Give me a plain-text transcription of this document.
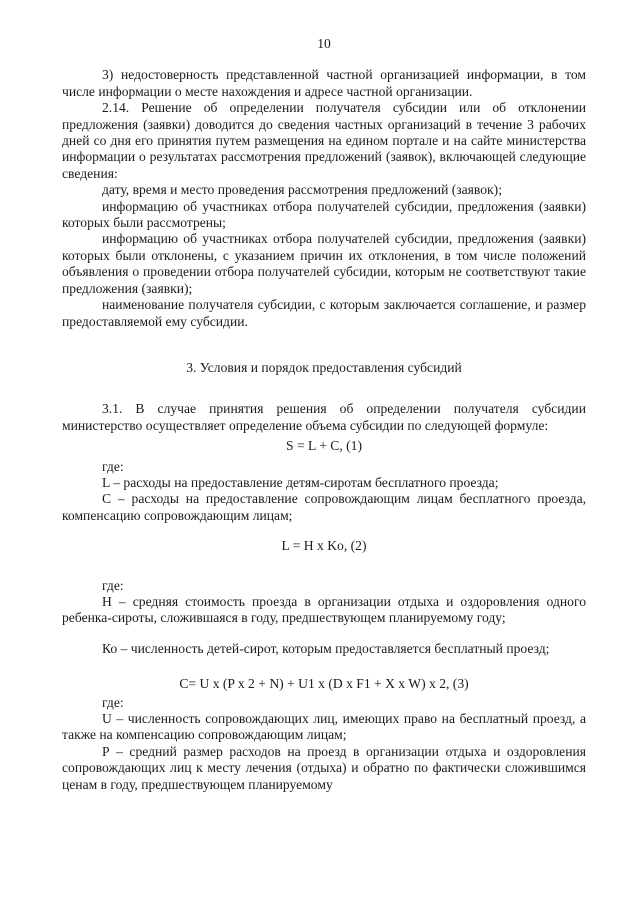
10

3) недостоверность представленной частной организацией информации, в том числе информации о месте нахождения и адресе частной организации.

2.14. Решение об определении получателя субсидии или об отклонении предложения (заявки) доводится до сведения частных организаций в течение 3 рабочих дней со дня его принятия путем размещения на едином портале и на сайте министерства информации о результатах рассмотрения предложений (заявок), включающей следующие сведения:

дату, время и место проведения рассмотрения предложений (заявок);

информацию об участниках отбора получателей субсидии, предложения (заявки) которых были рассмотрены;

информацию об участниках отбора получателей субсидии, предложения (заявки) которых были отклонены, с указанием причин их отклонения, в том числе положений объявления о проведении отбора получателей субсидии, которым не соответствуют такие предложения (заявки);

наименование получателя субсидии, с которым заключается соглашение, и размер предоставляемой ему субсидии.

3. Условия и порядок предоставления субсидий

3.1. В случае принятия решения об определении получателя субсидии министерство осуществляет определение объема субсидии по следующей формуле:

S = L + C, (1)

где:

L – расходы на предоставление детям-сиротам бесплатного проезда;

С – расходы на предоставление сопровождающим лицам бесплатного проезда, компенсацию сопровождающим лицам;

L = H x Ko, (2)

где:

Н – средняя стоимость проезда в организации отдыха и оздоровления одного ребенка-сироты, сложившаяся в году, предшествующем планируемому году;

Ко – численность детей-сирот, которым предоставляется бесплатный проезд;

C= U x (P x 2 + N) + U1 x (D x F1 + X x W) x 2, (3)

где:

U – численность сопровождающих лиц, имеющих право на бесплатный проезд, а также на компенсацию сопровождающим лицам;

Р – средний размер расходов на проезд в организации отдыха и оздоровления сопровождающих лиц к месту лечения (отдыха) и обратно по фактически сложившимся ценам в году, предшествующем планируемому
